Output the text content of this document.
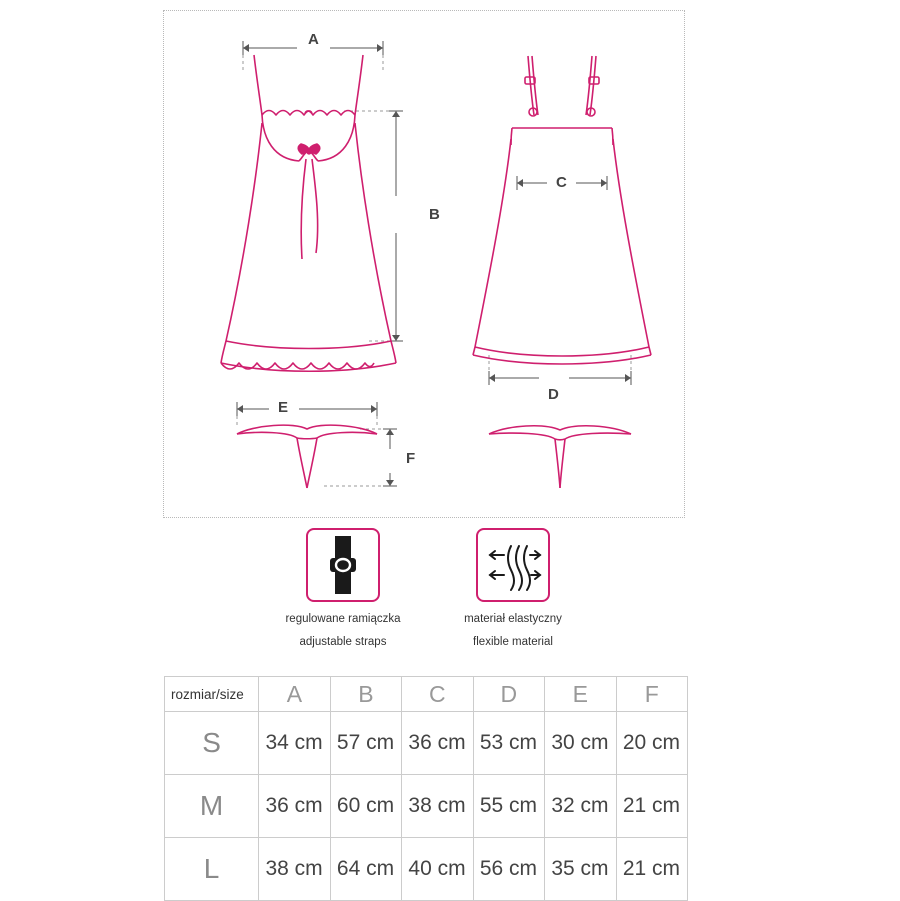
A
B
C
D
E
F
regulowane ramiączka
adjustable straps
materiał elastyczny
flexible material
rozmiar/size	A	B	C	D	E	F
S	34 cm	57 cm	36 cm	53 cm	30 cm	20 cm
M	36 cm	60 cm	38 cm	55 cm	32 cm	21 cm
L	38 cm	64 cm	40 cm	56 cm	35 cm	21 cm
